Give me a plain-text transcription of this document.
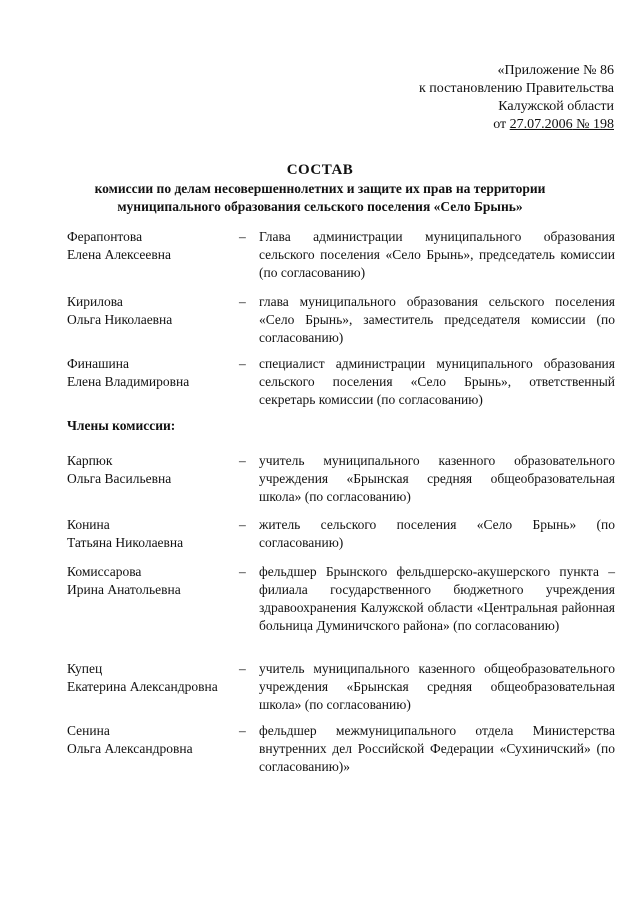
«Приложение № 86
к постановлению Правительства
Калужской области
от 27.07.2006 № 198
СОСТАВ
комиссии по делам несовершеннолетних и защите их прав на территории
муниципального образования сельского поселения «Село Брынь»
Ферапонтова
Елена Алексеевна
– Глава администрации муниципального образования сельского поселения «Село Брынь», председатель комиссии (по согласованию)
Кирилова
Ольга Николаевна
– глава муниципального образования сельского поселения «Село Брынь», заместитель председателя комиссии (по согласованию)
Финашина
Елена Владимировна
– специалист администрации муниципального образования сельского поселения «Село Брынь», ответственный секретарь комиссии (по согласованию)
Члены комиссии:
Карпюк
Ольга Васильевна
– учитель муниципального казенного образовательного учреждения «Брынская средняя общеобразовательная школа» (по согласованию)
Конина
Татьяна Николаевна
– житель сельского поселения «Село Брынь» (по согласованию)
Комиссарова
Ирина Анатольевна
– фельдшер Брынского фельдшерско-акушерского пункта – филиала государственного бюджетного учреждения здравоохранения Калужской области «Центральная районная больница Думиничского района» (по согласованию)
Купец
Екатерина Александровна
– учитель муниципального казенного общеобразовательного учреждения «Брынская средняя общеобразовательная школа» (по согласованию)
Сенина
Ольга Александровна
– фельдшер межмуниципального отдела Министерства внутренних дел Российской Федерации «Сухиничский» (по согласованию)»
